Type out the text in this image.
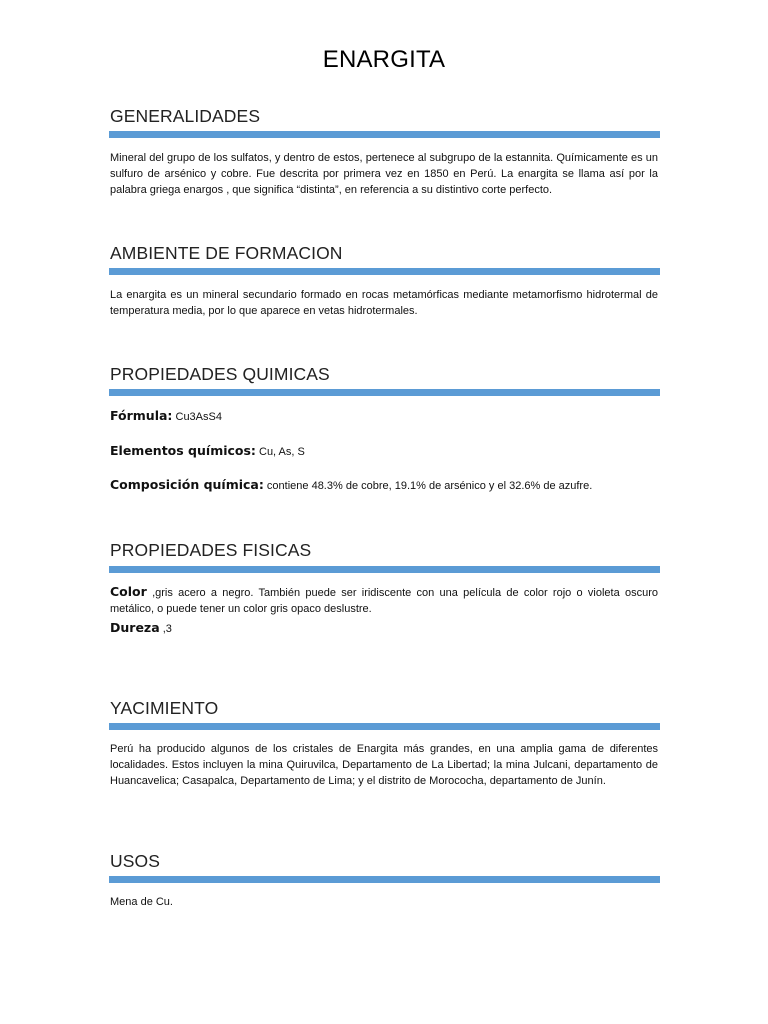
ENARGITA
GENERALIDADES
Mineral del grupo de los sulfatos, y dentro de estos, pertenece al subgrupo de la estannita. Químicamente es un sulfuro de arsénico y cobre. Fue descrita por primera vez en 1850 en Perú. La enargita se llama así por la palabra griega enargos , que significa “distinta”, en referencia a su distintivo corte perfecto.
AMBIENTE DE FORMACION
La enargita es un mineral secundario formado en rocas metamórficas mediante metamorfismo hidrotermal de temperatura media, por lo que aparece en vetas hidrotermales.
PROPIEDADES QUIMICAS
Fórmula: Cu3AsS4
Elementos químicos: Cu, As, S
Composición química: contiene 48.3% de cobre, 19.1% de arsénico y el 32.6% de azufre.
PROPIEDADES FISICAS
Color ,gris acero a negro. También puede ser iridiscente con una película de color rojo o violeta oscuro metálico, o puede tener un color gris opaco deslustre.
Dureza ,3
YACIMIENTO
Perú ha producido algunos de los cristales de Enargita más grandes, en una amplia gama de diferentes localidades. Estos incluyen la mina Quiruvilca, Departamento de La Libertad; la mina Julcani, departamento de Huancavelica; Casapalca, Departamento de Lima; y el distrito de Morococha, departamento de Junín.
USOS
Mena de Cu.
